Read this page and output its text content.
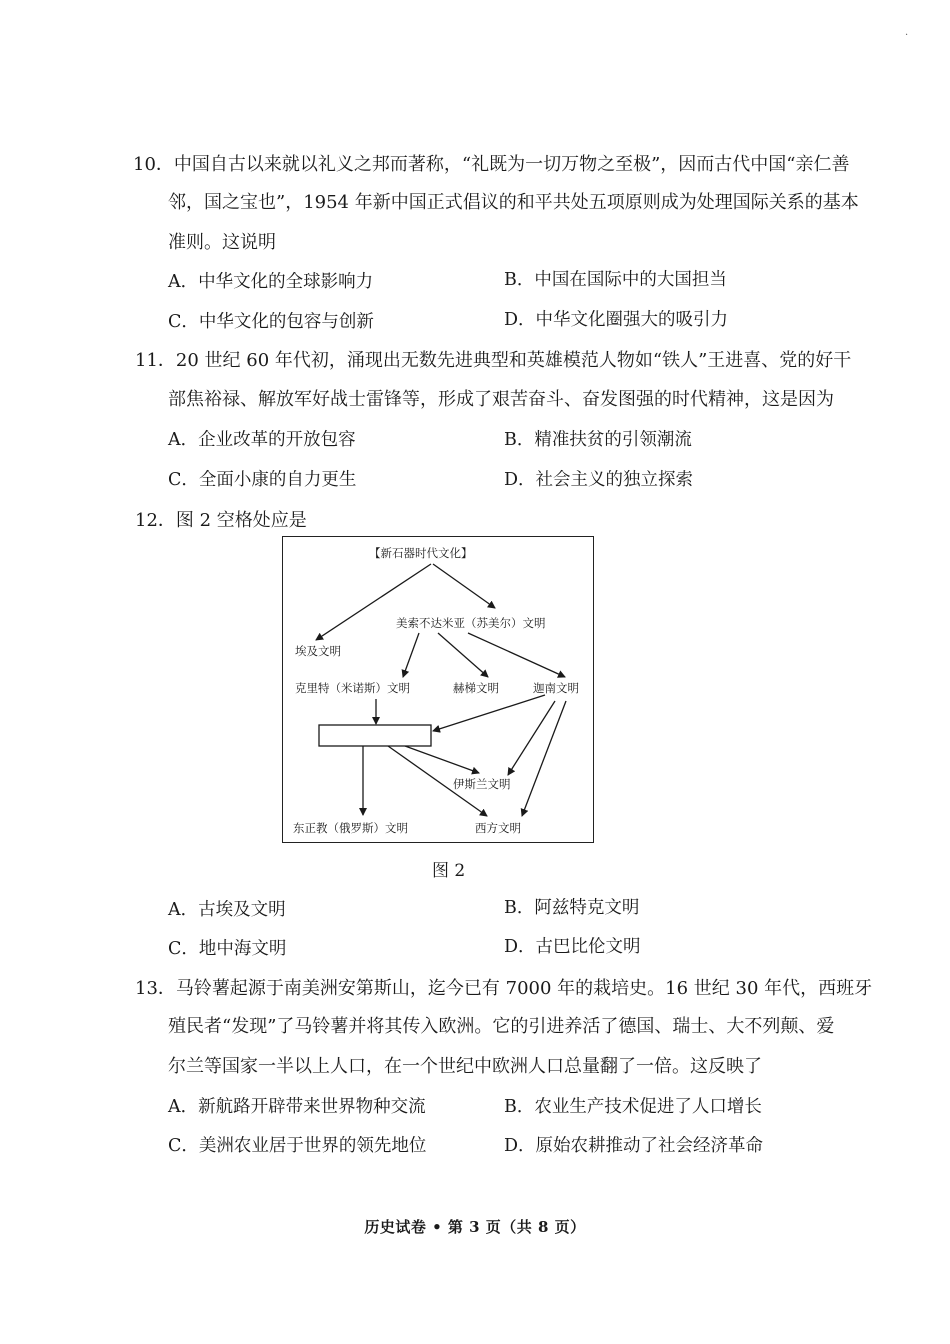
·
10．中国自古以来就以礼义之邦而著称，“礼既为一切万物之至极”，因而古代中国“亲仁善
邻，国之宝也”，1954 年新中国正式倡议的和平共处五项原则成为处理国际关系的基本
准则。这说明
A．中华文化的全球影响力	B．中国在国际中的大国担当
C．中华文化的包容与创新	D．中华文化圈强大的吸引力
11．20 世纪 60 年代初，涌现出无数先进典型和英雄模范人物如“铁人”王进喜、党的好干
部焦裕禄、解放军好战士雷锋等，形成了艰苦奋斗、奋发图强的时代精神，这是因为
A．企业改革的开放包容	B．精准扶贫的引领潮流
C．全面小康的自力更生	D．社会主义的独立探索
12．图 2 空格处应是
【新石器时代文化】
美索不达米亚（苏美尔）文明
埃及文明
克里特（米诺斯）文明	赫梯文明	迦南文明
伊斯兰文明
东正教（俄罗斯）文明	西方文明
图 2
A．古埃及文明	B．阿兹特克文明
C．地中海文明	D．古巴比伦文明
13．马铃薯起源于南美洲安第斯山，迄今已有 7000 年的栽培史。16 世纪 30 年代，西班牙
殖民者“发现”了马铃薯并将其传入欧洲。它的引进养活了德国、瑞士、大不列颠、爱
尔兰等国家一半以上人口，在一个世纪中欧洲人口总量翻了一倍。这反映了
A．新航路开辟带来世界物种交流	B．农业生产技术促进了人口增长
C．美洲农业居于世界的领先地位	D．原始农耕推动了社会经济革命
历史试卷 • 第 3 页（共 8 页）
